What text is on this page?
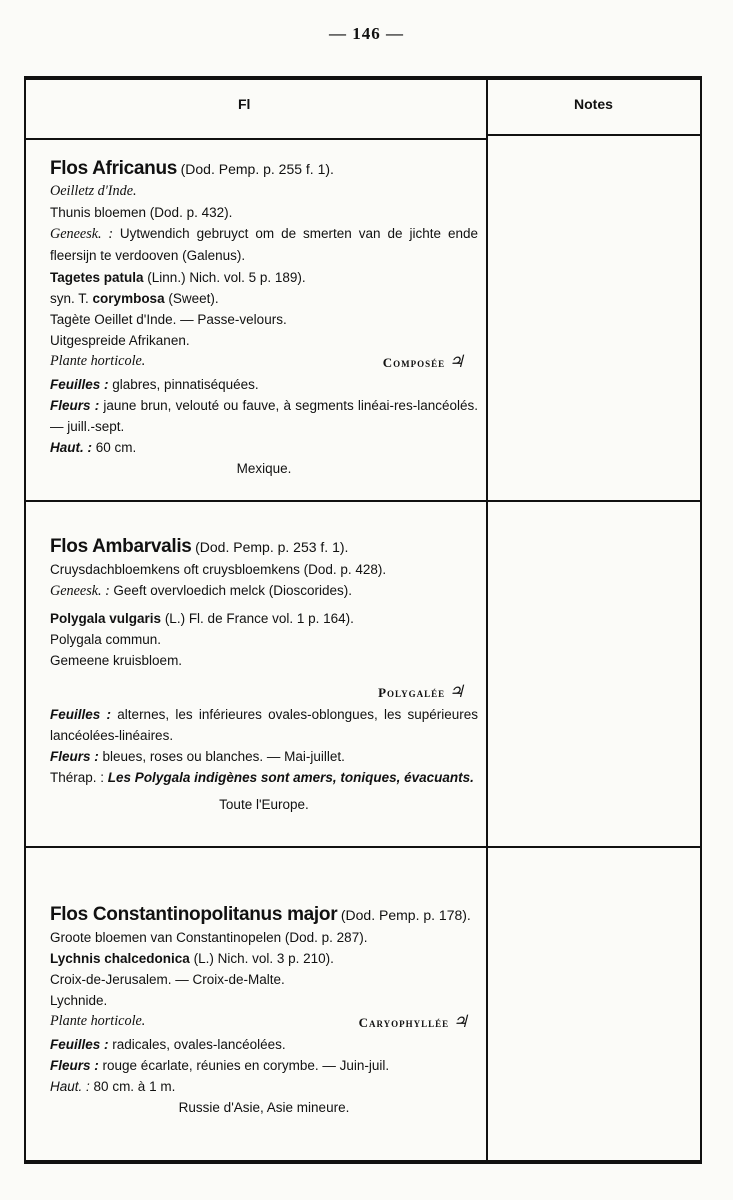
— 146 —
Fl	Notes

Flos Africanus (Dod. Pemp. p. 255 f. 1).

Oeilletz d'Inde.

Thunis bloemen (Dod. p. 432).

Geneesk. : Uytwendich gebruyct om de smerten van de jichte ende fleersijn te verdooven (Galenus).

Tagetes patula (Linn.) Nich. vol. 5 p. 189).

syn. T. corymbosa (Sweet).

Tagète Oeillet d'Inde. — Passe-velours.

Uitgespreide Afrikanen.

Plante horticole.	Composée ♃

Feuilles : glabres, pinnatiséquées.

Fleurs : jaune brun, velouté ou fauve, à segments linéai-res-lancéolés. — juill.-sept.

Haut. : 60 cm.

Mexique.

Flos Ambarvalis (Dod. Pemp. p. 253 f. 1).

Cruysdachbloemkens oft cruysbloemkens (Dod. p. 428).

Geneesk. : Geeft overvloedich melck (Dioscorides).

Polygala vulgaris (L.) Fl. de France vol. 1 p. 164).

Polygala commun.

Gemeene kruisbloem.

Polygalée ♃

Feuilles : alternes, les inférieures ovales-oblongues, les supérieures lancéolées-linéaires.

Fleurs : bleues, roses ou blanches. — Mai-juillet.

Thérap. : Les Polygala indigènes sont amers, toniques, évacuants.

Toute l'Europe.

Flos Constantinopolitanus major (Dod. Pemp. p. 178).

Groote bloemen van Constantinopelen (Dod. p. 287).

Lychnis chalcedonica (L.) Nich. vol. 3 p. 210).

Croix-de-Jerusalem. — Croix-de-Malte.

Lychnide.

Plante horticole.	Caryophyllée ♃

Feuilles : radicales, ovales-lancéolées.

Fleurs : rouge écarlate, réunies en corymbe. — Juin-juil.

Haut. : 80 cm. à 1 m.

Russie d'Asie, Asie mineure.
